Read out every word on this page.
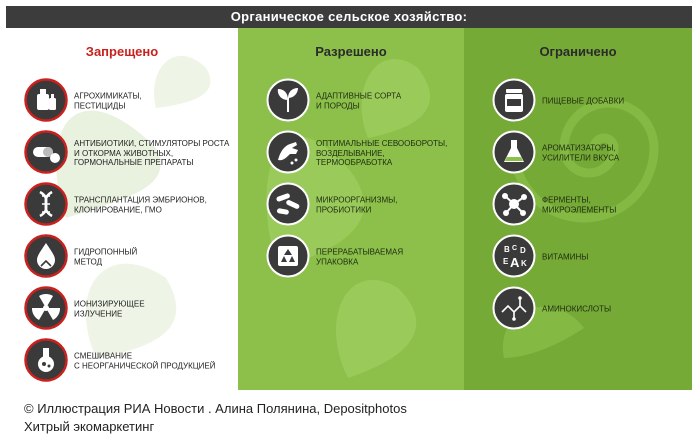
Органическое сельское хозяйство:
Запрещено
АГРОХИМИКАТЫ,
ПЕСТИЦИДЫ
АНТИБИОТИКИ, СТИМУЛЯТОРЫ РОСТА
И ОТКОРМА ЖИВОТНЫХ,
ГОРМОНАЛЬНЫЕ ПРЕПАРАТЫ
ТРАНСПЛАНТАЦИЯ ЭМБРИОНОВ,
КЛОНИРОВАНИЕ, ГМО
ГИДРОПОННЫЙ
МЕТОД
ИОНИЗИРУЮЩЕЕ
ИЗЛУЧЕНИЕ
СМЕШИВАНИЕ
С НЕОРГАНИЧЕСКОЙ ПРОДУКЦИЕЙ
Разрешено
АДАПТИВНЫЕ СОРТА
И ПОРОДЫ
ОПТИМАЛЬНЫЕ СЕВООБОРОТЫ,
ВОЗДЕЛЫВАНИЕ,
ТЕРМООБРАБОТКА
МИКРООРГАНИЗМЫ,
ПРОБИОТИКИ
ПЕРЕРАБАТЫВАЕМАЯ
УПАКОВКА
Ограничено
ПИЩЕВЫЕ ДОБАВКИ
АРОМАТИЗАТОРЫ,
УСИЛИТЕЛИ ВКУСА
ФЕРМЕНТЫ,
МИКРОЭЛЕМЕНТЫ
B C D
E A K
ВИТАМИНЫ
АМИНОКИСЛОТЫ
© Иллюстрация РИА Новости . Алина Полянина, Depositphotos
Хитрый экомаркетинг
